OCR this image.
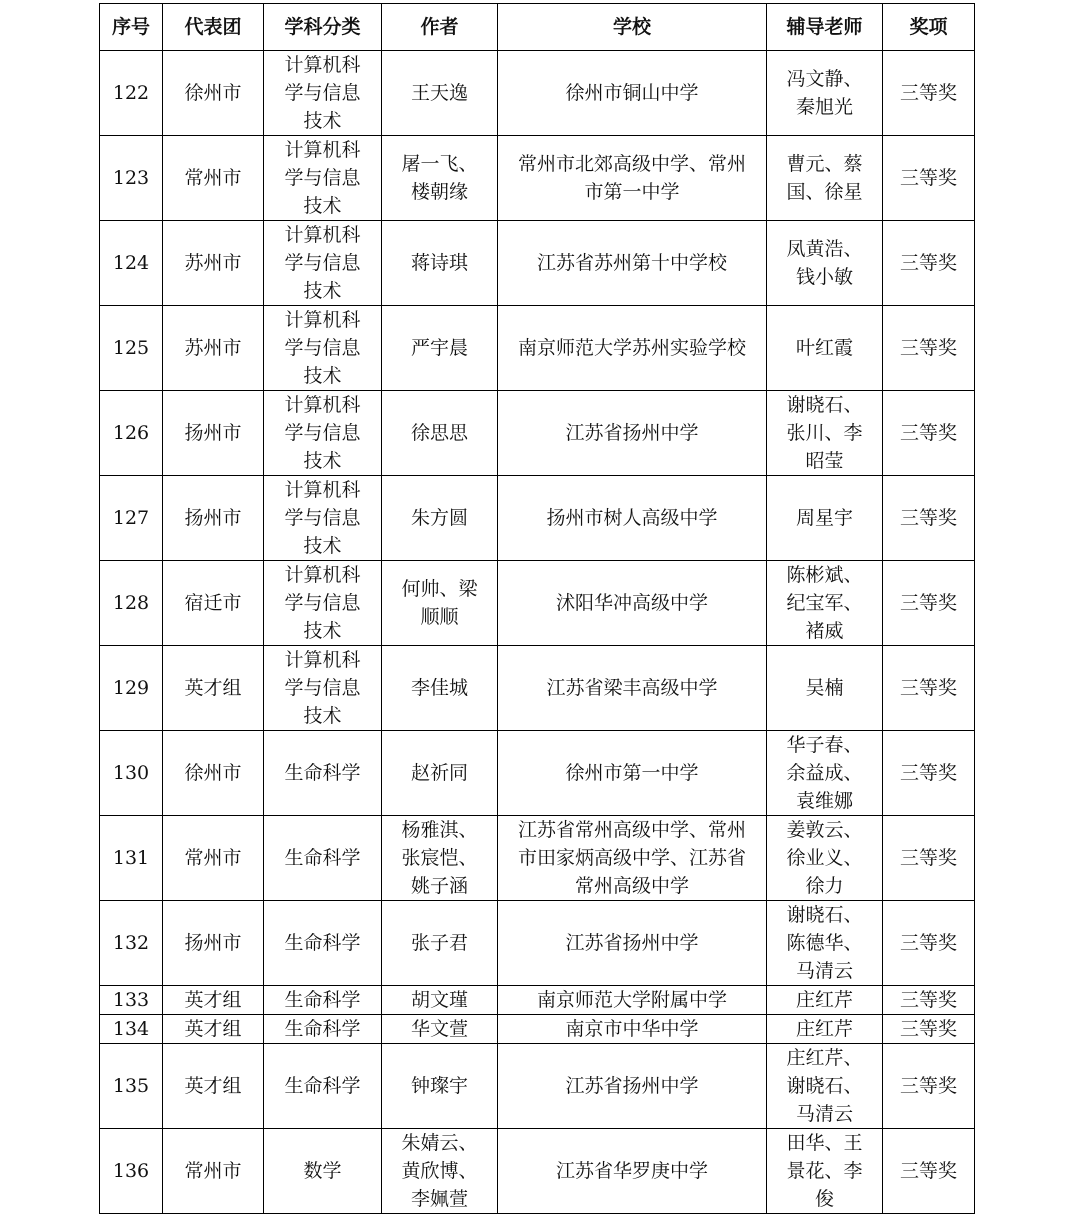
序号	代表团	学科分类	作者	学校	辅导老师	奖项
122	徐州市	计算机科
学与信息
技术	王天逸	徐州市铜山中学	冯文静、
秦旭光	三等奖
123	常州市	计算机科
学与信息
技术	屠一飞、
楼朝缘	常州市北郊高级中学、常州
市第一中学	曹元、蔡
国、徐星	三等奖
124	苏州市	计算机科
学与信息
技术	蒋诗琪	江苏省苏州第十中学校	凤黄浩、
钱小敏	三等奖
125	苏州市	计算机科
学与信息
技术	严宇晨	南京师范大学苏州实验学校	叶红霞	三等奖
126	扬州市	计算机科
学与信息
技术	徐思思	江苏省扬州中学	谢晓石、
张川、李
昭莹	三等奖
127	扬州市	计算机科
学与信息
技术	朱方圆	扬州市树人高级中学	周星宇	三等奖
128	宿迁市	计算机科
学与信息
技术	何帅、梁
顺顺	沭阳华冲高级中学	陈彬斌、
纪宝军、
褚威	三等奖
129	英才组	计算机科
学与信息
技术	李佳城	江苏省梁丰高级中学	吴楠	三等奖
130	徐州市	生命科学	赵祈同	徐州市第一中学	华子春、
余益成、
袁维娜	三等奖
131	常州市	生命科学	杨雅淇、
张宸恺、
姚子涵	江苏省常州高级中学、常州
市田家炳高级中学、江苏省
常州高级中学	姜敦云、
徐业义、
徐力	三等奖
132	扬州市	生命科学	张子君	江苏省扬州中学	谢晓石、
陈德华、
马清云	三等奖
133	英才组	生命科学	胡文瑾	南京师范大学附属中学	庄红芹	三等奖
134	英才组	生命科学	华文萱	南京市中华中学	庄红芹	三等奖
135	英才组	生命科学	钟璨宇	江苏省扬州中学	庄红芹、
谢晓石、
马清云	三等奖
136	常州市	数学	朱婧云、
黄欣博、
李姵萱	江苏省华罗庚中学	田华、王
景花、李
俊	三等奖
